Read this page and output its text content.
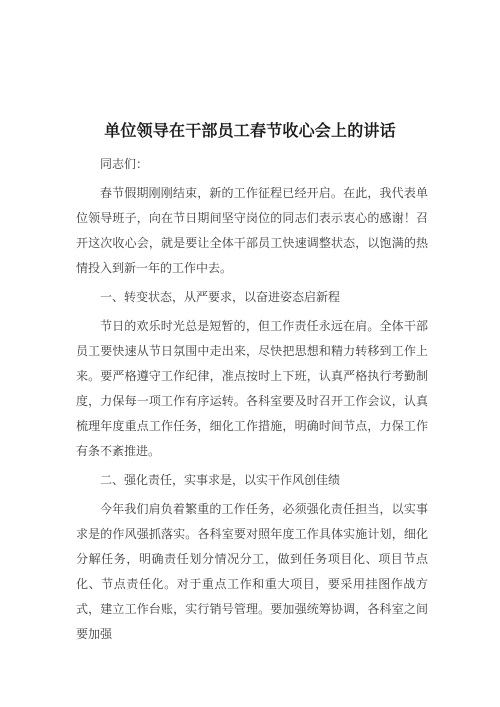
单位领导在干部员工春节收心会上的讲话

同志们：

春节假期刚刚结束，新的工作征程已经开启。在此，我代表单位领导班子，向在节日期间坚守岗位的同志们表示衷心的感谢！召开这次收心会，就是要让全体干部员工快速调整状态，以饱满的热情投入到新一年的工作中去。

一、转变状态，从严要求，以奋进姿态启新程

节日的欢乐时光总是短暂的，但工作责任永远在肩。全体干部员工要快速从节日氛围中走出来，尽快把思想和精力转移到工作上来。要严格遵守工作纪律，准点按时上下班，认真严格执行考勤制度，力保每一项工作有序运转。各科室要及时召开工作会议，认真梳理年度重点工作任务，细化工作措施，明确时间节点，力保工作有条不紊推进。

二、强化责任，实事求是，以实干作风创佳绩

今年我们肩负着繁重的工作任务，必须强化责任担当，以实事求是的作风强抓落实。各科室要对照年度工作具体实施计划，细化分解任务，明确责任划分情况分工，做到任务项目化、项目节点化、节点责任化。对于重点工作和重大项目，要采用挂图作战方式，建立工作台账，实行销号管理。要加强统筹协调，各科室之间要加强
